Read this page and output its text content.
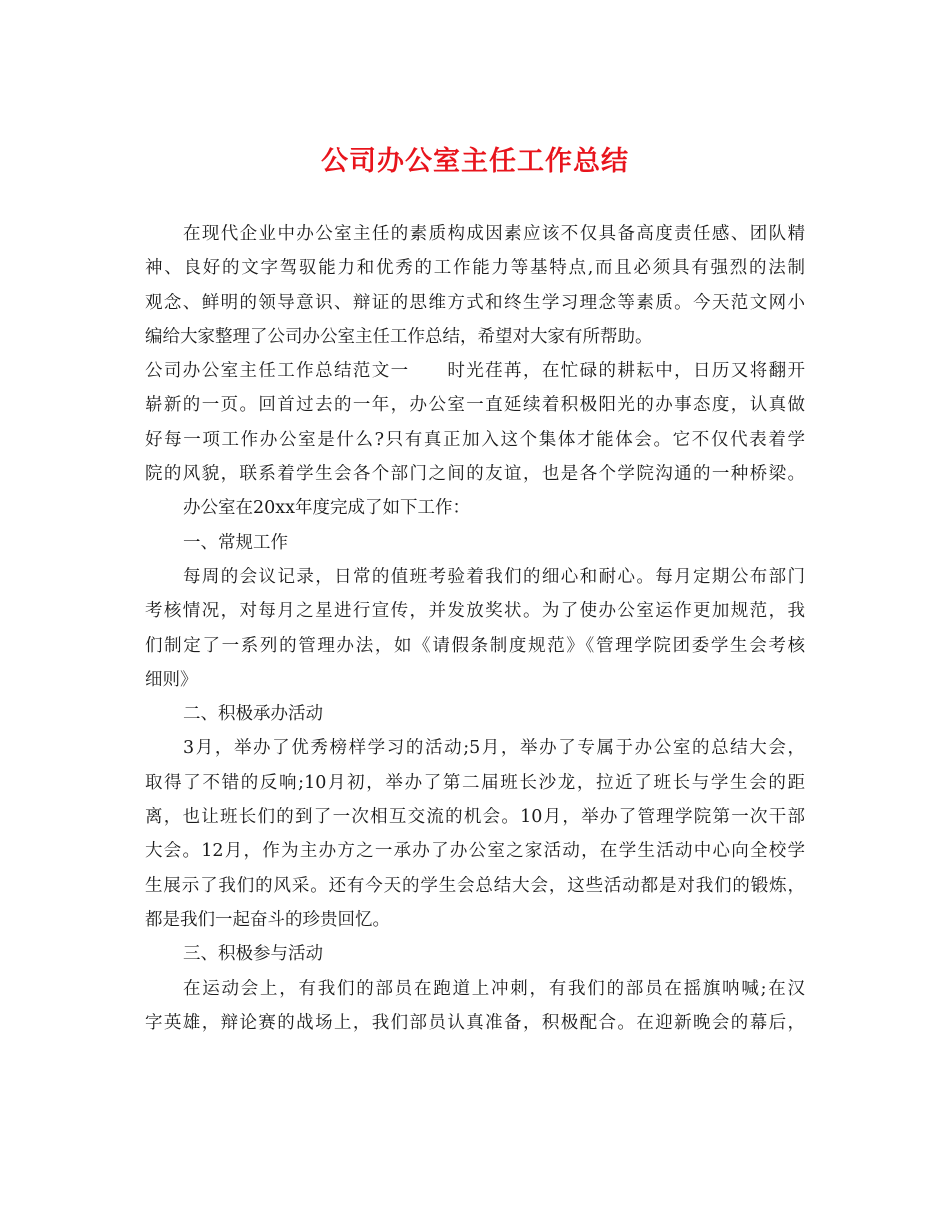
公司办公室主任工作总结
在现代企业中办公室主任的素质构成因素应该不仅具备高度责任感、团队精
神、良好的文字驾驭能力和优秀的工作能力等基特点,而且必须具有强烈的法制
观念、鲜明的领导意识、辩证的思维方式和终生学习理念等素质。今天范文网小
编给大家整理了公司办公室主任工作总结，希望对大家有所帮助。
公司办公室主任工作总结范文一　　时光荏苒，在忙碌的耕耘中，日历又将翻开
崭新的一页。回首过去的一年，办公室一直延续着积极阳光的办事态度，认真做
好每一项工作办公室是什么?只有真正加入这个集体才能体会。它不仅代表着学
院的风貌，联系着学生会各个部门之间的友谊，也是各个学院沟通的一种桥梁。
办公室在20xx年度完成了如下工作：
一、常规工作
每周的会议记录，日常的值班考验着我们的细心和耐心。每月定期公布部门
考核情况，对每月之星进行宣传，并发放奖状。为了使办公室运作更加规范，我
们制定了一系列的管理办法，如《请假条制度规范》《管理学院团委学生会考核
细则》
二、积极承办活动
3月，举办了优秀榜样学习的活动;5月，举办了专属于办公室的总结大会，
取得了不错的反响;10月初，举办了第二届班长沙龙，拉近了班长与学生会的距
离，也让班长们的到了一次相互交流的机会。10月，举办了管理学院第一次干部
大会。12月，作为主办方之一承办了办公室之家活动，在学生活动中心向全校学
生展示了我们的风采。还有今天的学生会总结大会，这些活动都是对我们的锻炼，
都是我们一起奋斗的珍贵回忆。
三、积极参与活动
在运动会上，有我们的部员在跑道上冲刺，有我们的部员在摇旗呐喊;在汉
字英雄，辩论赛的战场上，我们部员认真准备，积极配合。在迎新晚会的幕后，
